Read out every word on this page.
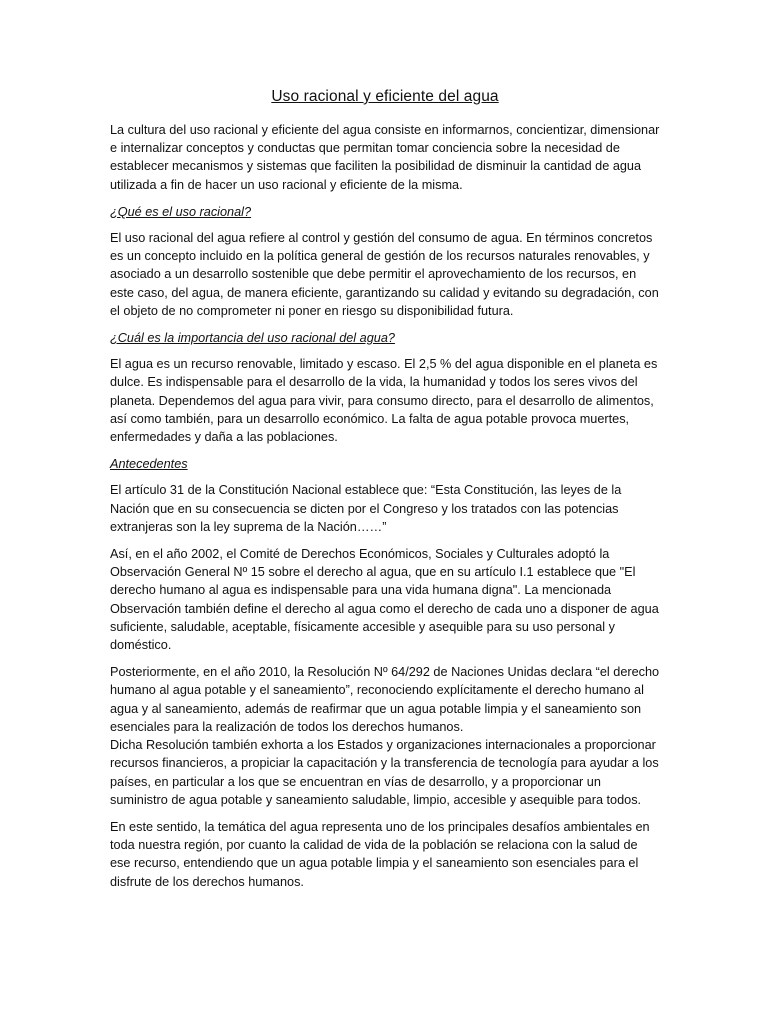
Uso racional y eficiente del agua

La cultura del uso racional y eficiente del agua consiste en informarnos, concientizar, dimensionar e internalizar conceptos y conductas que permitan tomar conciencia sobre la necesidad de establecer mecanismos y sistemas que faciliten la posibilidad de disminuir la cantidad de agua utilizada a fin de hacer un uso racional y eficiente de la misma.

¿Qué es el uso racional?

El uso racional del agua refiere al control y gestión del consumo de agua. En términos concretos es un concepto incluido en la política general de gestión de los recursos naturales renovables, y asociado a un desarrollo sostenible que debe permitir el aprovechamiento de los recursos, en este caso, del agua, de manera eficiente, garantizando su calidad y evitando su degradación, con el objeto de no comprometer ni poner en riesgo su disponibilidad futura.

¿Cuál es la importancia del uso racional del agua?

El agua es un recurso renovable, limitado y escaso. El 2,5 % del agua disponible en el planeta es dulce. Es indispensable para el desarrollo de la vida, la humanidad y todos los seres vivos del planeta. Dependemos del agua para vivir, para consumo directo, para el desarrollo de alimentos, así como también, para un desarrollo económico. La falta de agua potable provoca muertes, enfermedades y daña a las poblaciones.

Antecedentes

El artículo 31 de la Constitución Nacional establece que: “Esta Constitución, las leyes de la Nación que en su consecuencia se dicten por el Congreso y los tratados con las potencias extranjeras son la ley suprema de la Nación……”

Así, en el año 2002, el Comité de Derechos Económicos, Sociales y Culturales adoptó la Observación General Nº 15 sobre el derecho al agua, que en su artículo I.1 establece que "El derecho humano al agua es indispensable para una vida humana digna". La mencionada Observación también define el derecho al agua como el derecho de cada uno a disponer de agua suficiente, saludable, aceptable, físicamente accesible y asequible para su uso personal y doméstico.

Posteriormente, en el año 2010, la Resolución Nº 64/292 de Naciones Unidas declara “el derecho humano al agua potable y el saneamiento”, reconociendo explícitamente el derecho humano al agua y al saneamiento, además de reafirmar que un agua potable limpia y el saneamiento son esenciales para la realización de todos los derechos humanos.

Dicha Resolución también exhorta a los Estados y organizaciones internacionales a proporcionar recursos financieros, a propiciar la capacitación y la transferencia de tecnología para ayudar a los países, en particular a los que se encuentran en vías de desarrollo, y a proporcionar un suministro de agua potable y saneamiento saludable, limpio, accesible y asequible para todos.

En este sentido, la temática del agua representa uno de los principales desafíos ambientales en toda nuestra región, por cuanto la calidad de vida de la población se relaciona con la salud de ese recurso, entendiendo que un agua potable limpia y el saneamiento son esenciales para el disfrute de los derechos humanos.
